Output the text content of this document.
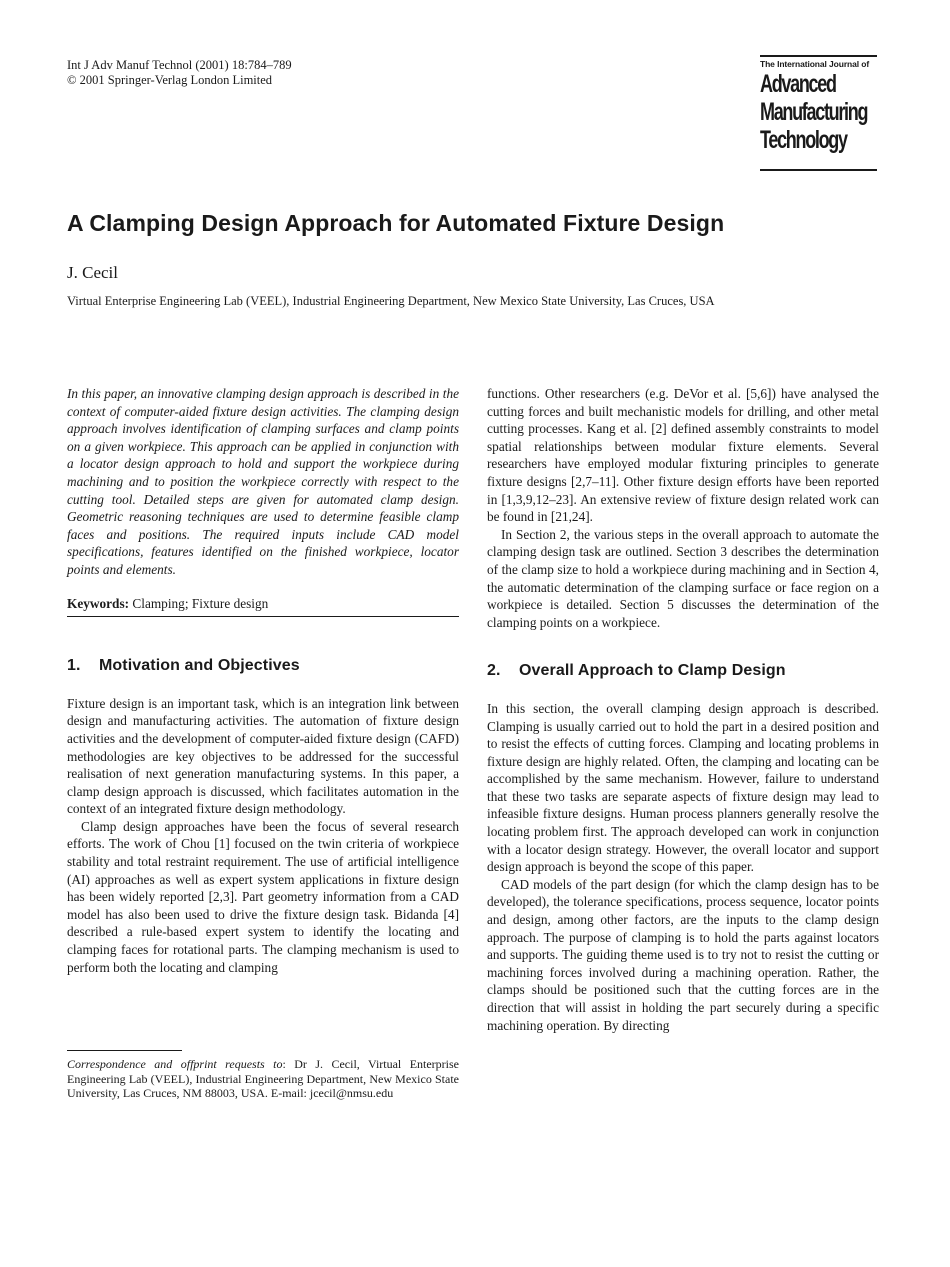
Int J Adv Manuf Technol (2001) 18:784–789
© 2001 Springer-Verlag London Limited
The International Journal of
Advanced
Manufacturing
Technology
A Clamping Design Approach for Automated Fixture Design
J. Cecil
Virtual Enterprise Engineering Lab (VEEL), Industrial Engineering Department, New Mexico State University, Las Cruces, USA

In this paper, an innovative clamping design approach is described in the context of computer-aided fixture design activities. The clamping design approach involves identification of clamping surfaces and clamp points on a given workpiece. This approach can be applied in conjunction with a locator design approach to hold and support the workpiece during machining and to position the workpiece correctly with respect to the cutting tool. Detailed steps are given for automated clamp design. Geometric reasoning techniques are used to determine feasible clamp faces and positions. The required inputs include CAD model specifications, features identified on the finished workpiece, locator points and elements.

Keywords: Clamping; Fixture design
1. Motivation and Objectives

Fixture design is an important task, which is an integration link between design and manufacturing activities. The automation of fixture design activities and the development of computer-aided fixture design (CAFD) methodologies are key objectives to be addressed for the successful realisation of next generation manufacturing systems. In this paper, a clamp design approach is discussed, which facilitates automation in the context of an integrated fixture design methodology.

Clamp design approaches have been the focus of several research efforts. The work of Chou [1] focused on the twin criteria of workpiece stability and total restraint requirement. The use of artificial intelligence (AI) approaches as well as expert system applications in fixture design has been widely reported [2,3]. Part geometry information from a CAD model has also been used to drive the fixture design task. Bidanda [4] described a rule-based expert system to identify the locating and clamping faces for rotational parts. The clamping mechanism is used to perform both the locating and clamping

functions. Other researchers (e.g. DeVor et al. [5,6]) have analysed the cutting forces and built mechanistic models for drilling, and other metal cutting processes. Kang et al. [2] defined assembly constraints to model spatial relationships between modular fixture elements. Several researchers have employed modular fixturing principles to generate fixture designs [2,7–11]. Other fixture design efforts have been reported in [1,3,9,12–23]. An extensive review of fixture design related work can be found in [21,24].

In Section 2, the various steps in the overall approach to automate the clamping design task are outlined. Section 3 describes the determination of the clamp size to hold a workpiece during machining and in Section 4, the automatic determination of the clamping surface or face region on a workpiece is detailed. Section 5 discusses the determination of the clamping points on a workpiece.

2. Overall Approach to Clamp Design

In this section, the overall clamping design approach is described. Clamping is usually carried out to hold the part in a desired position and to resist the effects of cutting forces. Clamping and locating problems in fixture design are highly related. Often, the clamping and locating can be accomplished by the same mechanism. However, failure to understand that these two tasks are separate aspects of fixture design may lead to infeasible fixture designs. Human process planners generally resolve the locating problem first. The approach developed can work in conjunction with a locator design strategy. However, the overall locator and support design approach is beyond the scope of this paper.

CAD models of the part design (for which the clamp design has to be developed), the tolerance specifications, process sequence, locator points and design, among other factors, are the inputs to the clamp design approach. The purpose of clamping is to hold the parts against locators and supports. The guiding theme used is to try not to resist the cutting or machining forces involved during a machining operation. Rather, the clamps should be positioned such that the cutting forces are in the direction that will assist in holding the part securely during a specific machining operation. By directing

Correspondence and offprint requests to: Dr J. Cecil, Virtual Enterprise Engineering Lab (VEEL), Industrial Engineering Department, New Mexico State University, Las Cruces, NM 88003, USA. E-mail: jcecil@nmsu.edu
